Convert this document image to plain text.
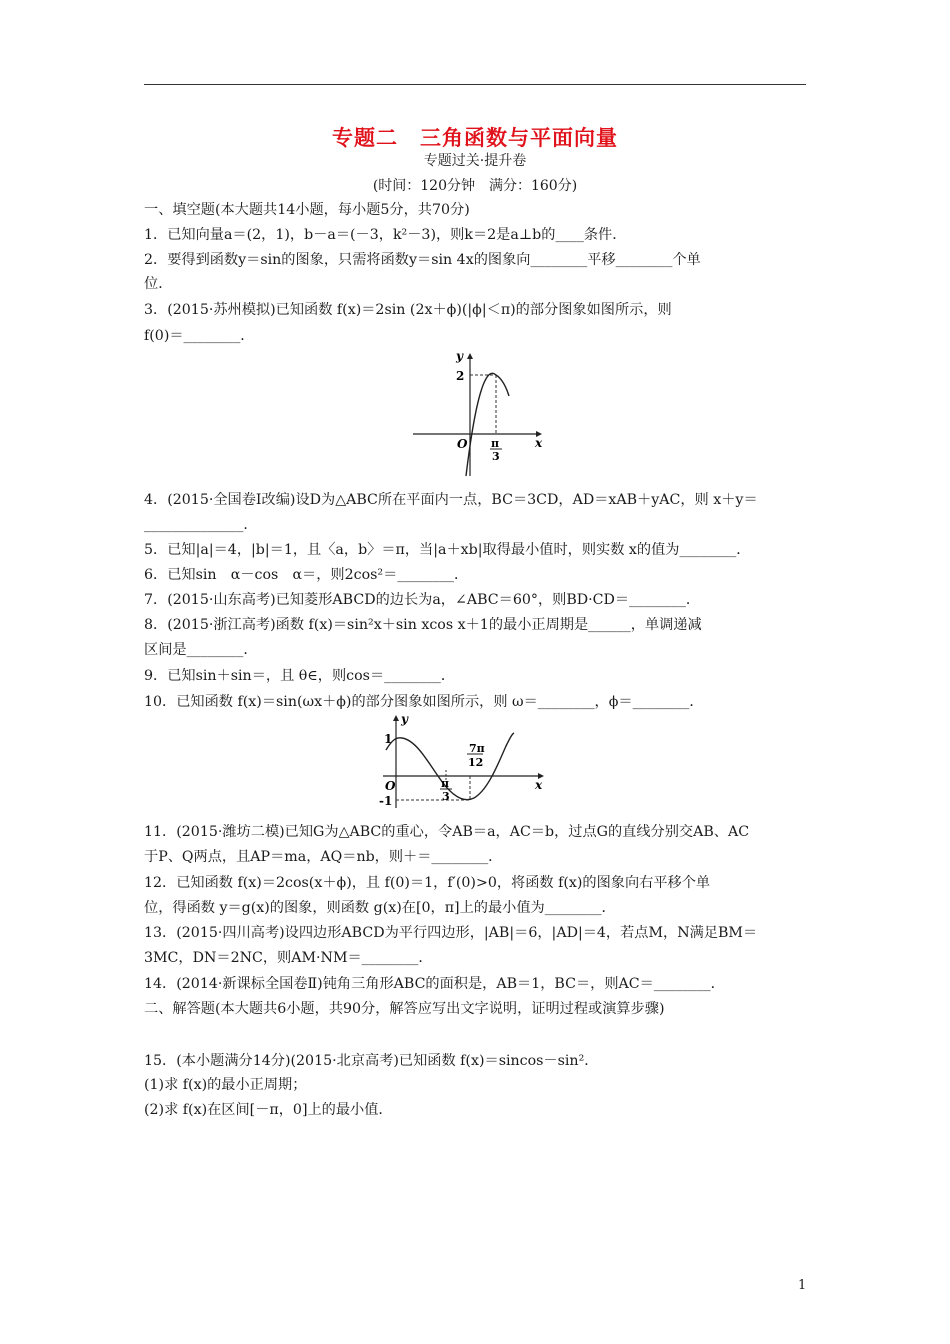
专题二　三角函数与平面向量
专题过关·提升卷
(时间：120分钟　满分：160分)
一、填空题(本大题共14小题，每小题5分，共70分)
1．已知向量a＝(2，1)，b－a＝(－3，k²－3)，则k＝2是a⊥b的____条件．
2．要得到函数y＝sin的图象，只需将函数y＝sin 4x的图象向________平移________个单
位．
3．(2015·苏州模拟)已知函数 f(x)＝2sin (2x＋ϕ)(|ϕ|＜π)的部分图象如图所示，则
f(0)＝________．
2
y
x
O π
3
4．(2015·全国卷Ⅰ改编)设D为△ABC所在平面内一点，BC＝3CD，AD＝xAB＋yAC，则 x＋y＝
______________．
5．已知|a|＝4，|b|＝1，且〈a，b〉＝π，当|a＋xb|取得最小值时，则实数 x的值为________．
6．已知sin　α－cos　α＝，则2cos²＝________．
7．(2015·山东高考)已知菱形ABCD的边长为a，∠ABC＝60°，则BD·CD＝________．
8．(2015·浙江高考)函数 f(x)＝sin²x＋sin xcos x＋1的最小正周期是______，单调递减
区间是________．
9．已知sin＋sin＝，且 θ∈，则cos＝________．
10．已知函数 f(x)＝sin(ωx＋ϕ)的部分图象如图所示，则 ω＝________，ϕ＝________．
1
-1
y
x
O	π
3
7π
12
11．(2015·潍坊二模)已知G为△ABC的重心，令AB＝a，AC＝b，过点G的直线分别交AB、AC
于P、Q两点，且AP＝ma，AQ＝nb，则＋＝________．
12．已知函数 f(x)＝2cos(x＋ϕ)，且 f(0)＝1，f′(0)>0，将函数 f(x)的图象向右平移个单
位，得函数 y＝g(x)的图象，则函数 g(x)在[0，π]上的最小值为________．
13．(2015·四川高考)设四边形ABCD为平行四边形，|AB|＝6，|AD|＝4，若点M，N满足BM＝
3MC，DN＝2NC，则AM·NM＝________．
14．(2014·新课标全国卷Ⅱ)钝角三角形ABC的面积是，AB＝1，BC＝，则AC＝________．
二、解答题(本大题共6小题，共90分，解答应写出文字说明，证明过程或演算步骤)
15．(本小题满分14分)(2015·北京高考)已知函数 f(x)＝sincos－sin²．
(1)求 f(x)的最小正周期；
(2)求 f(x)在区间[－π，0]上的最小值．
1
